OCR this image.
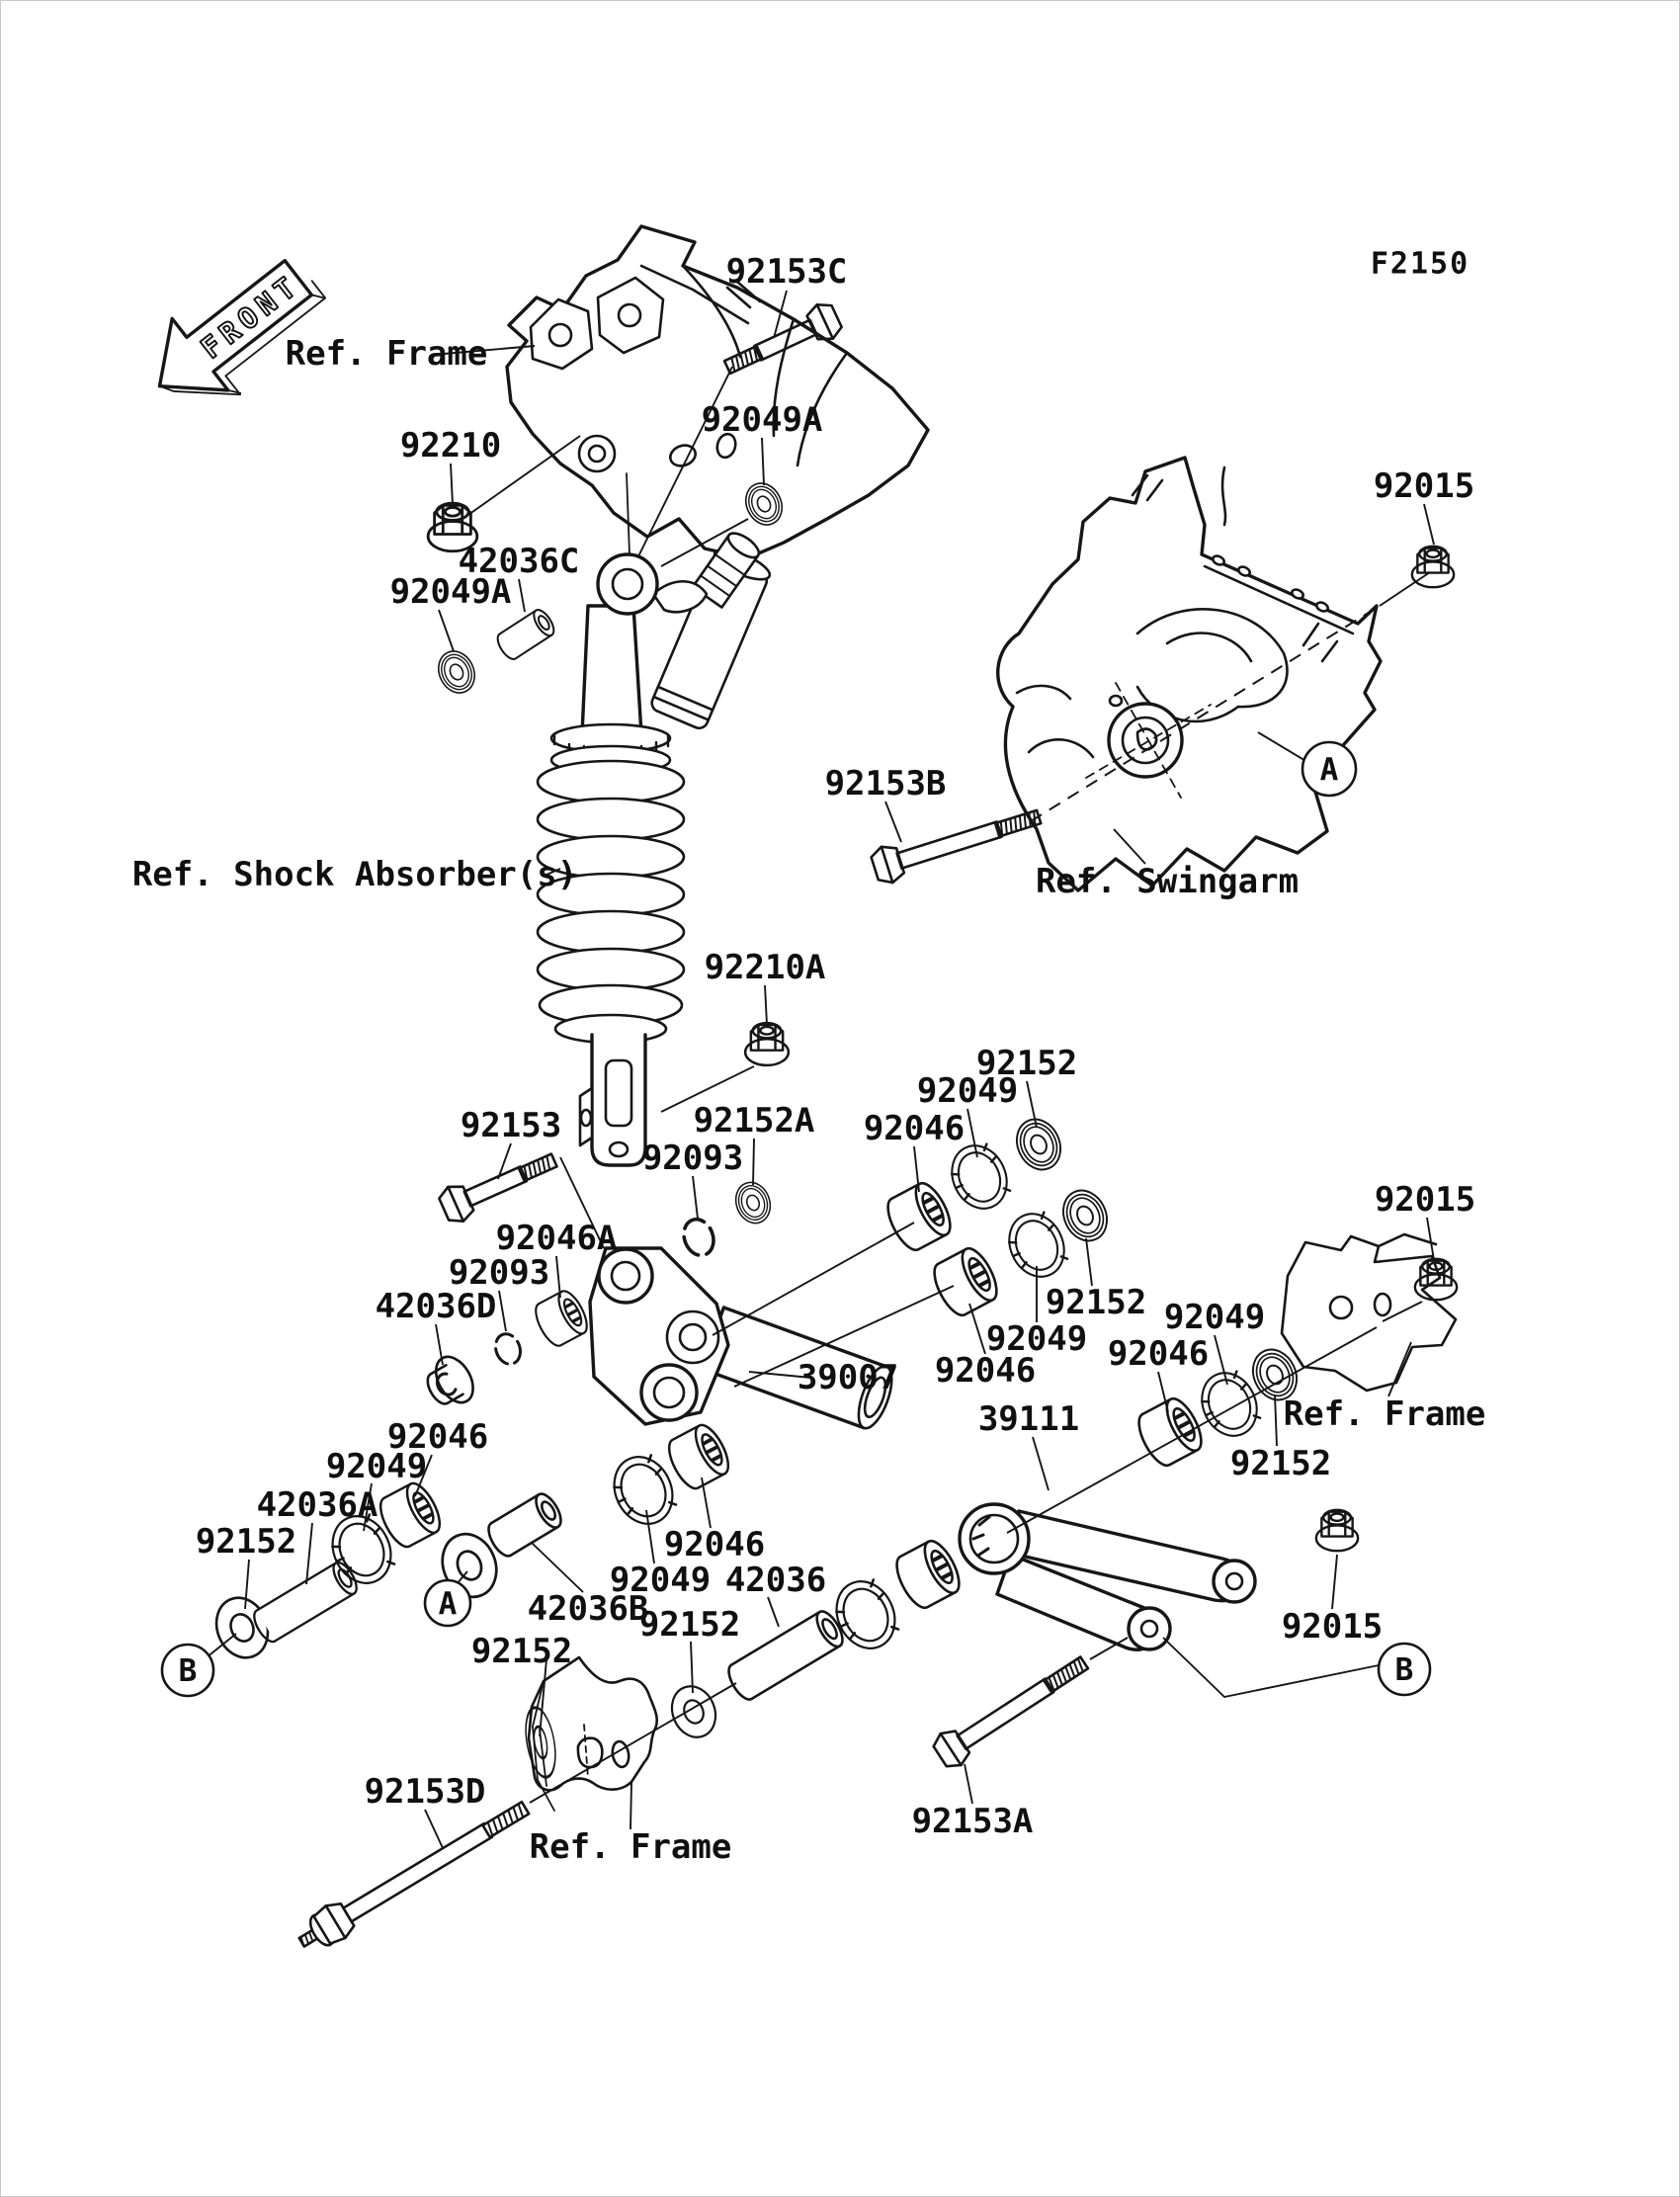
FRONT	92153C
Ref. Frame
92049A
92210
42036C
92049A
92015
92153B
Ref. Swingarm
Ref. Shock Absorber(s)
92210A
92152
92049
92046
92153	92152A
92093
92046A
92093
42036D	92152
92049
92046
39007
92049
92046
92015
Ref. Frame
92152
39111
92046
92049
42036A
92152	92046
92049
42036B
42036
92152
92152
92015
92153D
Ref. Frame
92153A
A
A
B	B
F2150
